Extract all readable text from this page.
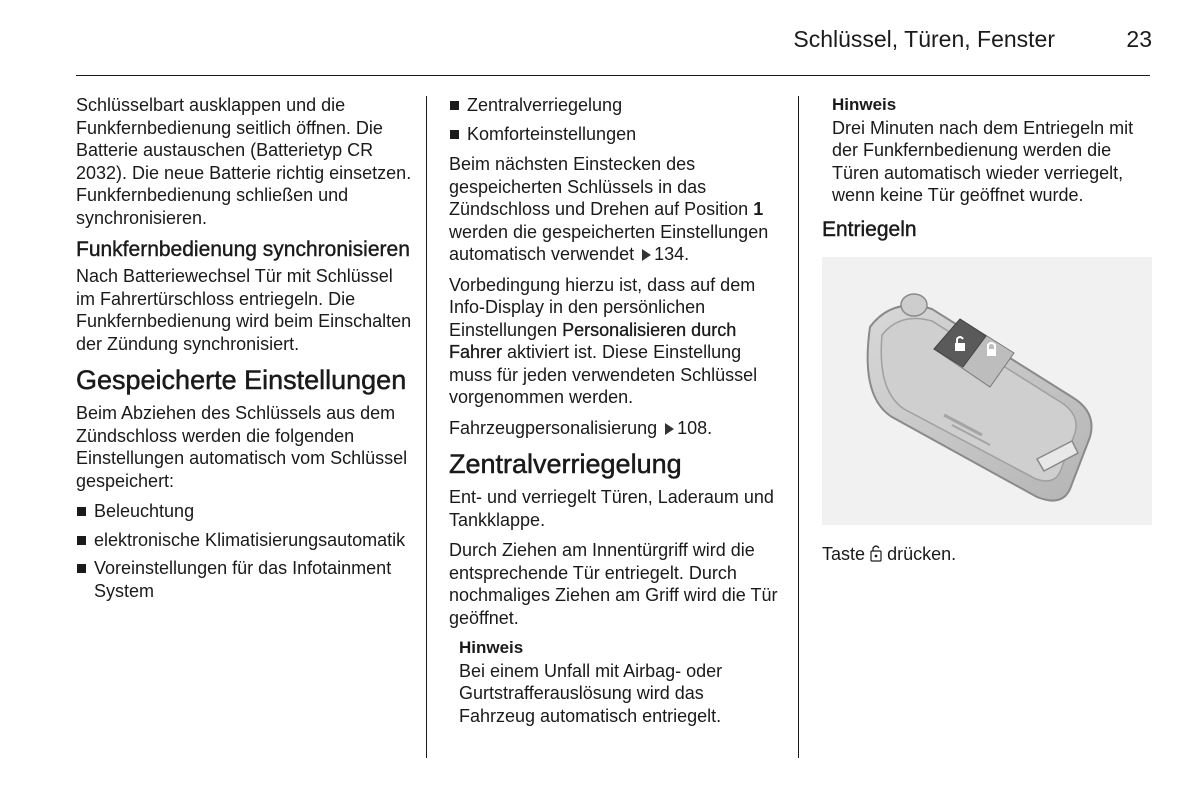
Schlüssel, Türen, Fenster	23

Schlüsselbart ausklappen und die Funkfernbedienung seitlich öffnen. Die Batterie austauschen (Batterietyp CR 2032). Die neue Batterie richtig einsetzen. Funkfernbedienung schließen und synchronisieren.

Funkfernbedienung synchronisieren

Nach Batteriewechsel Tür mit Schlüssel im Fahrertürschloss entriegeln. Die Funkfernbedienung wird beim Einschalten der Zündung synchronisiert.

Gespeicherte Einstellungen

Beim Abziehen des Schlüssels aus dem Zündschloss werden die folgenden Einstellungen automatisch vom Schlüssel gespeichert:

Beleuchtung
elektronische Klimatisierungsautomatik
Voreinstellungen für das Infotainment System
Zentralverriegelung
Komforteinstellungen

Beim nächsten Einstecken des gespeicherten Schlüssels in das Zündschloss und Drehen auf Position 1 werden die gespeicherten Einstellungen automatisch verwendet 134.

Vorbedingung hierzu ist, dass auf dem Info-Display in den persönlichen Einstellungen Personalisieren durch Fahrer aktiviert ist. Diese Einstellung muss für jeden verwendeten Schlüssel vorgenommen werden.

Fahrzeugpersonalisierung 108.

Zentralverriegelung

Ent- und verriegelt Türen, Laderaum und Tankklappe.

Durch Ziehen am Innentürgriff wird die entsprechende Tür entriegelt. Durch nochmaliges Ziehen am Griff wird die Tür geöffnet.

Hinweis
Bei einem Unfall mit Airbag- oder Gurtstrafferauslösung wird das Fahrzeug automatisch entriegelt.
Hinweis
Drei Minuten nach dem Entriegeln mit der Funkfernbedienung werden die Türen automatisch wieder verriegelt, wenn keine Tür geöffnet wurde.
Entriegeln

Taste drücken.
